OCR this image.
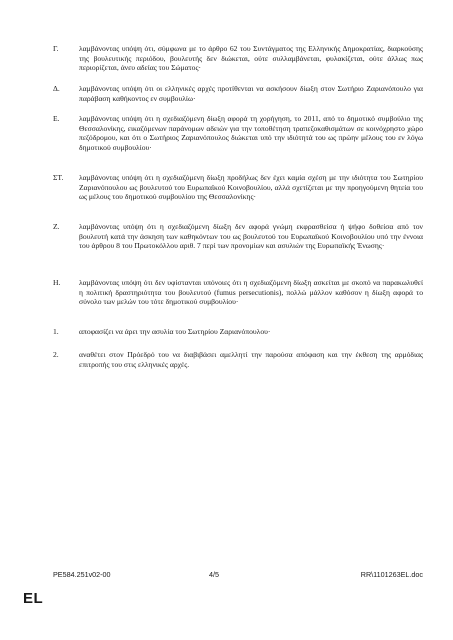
Γ.	λαμβάνοντας υπόψη ότι, σύμφωνα με το άρθρο 62 του Συντάγματος της Ελληνικής Δημοκρατίας, διαρκούσης της βουλευτικής περιόδου, βουλευτής δεν διώκεται, ούτε συλλαμβάνεται, φυλακίζεται, ούτε άλλως πως περιορίζεται, άνευ αδείας του Σώματος·
Δ.	λαμβάνοντας υπόψη ότι οι ελληνικές αρχές προτίθενται να ασκήσουν δίωξη στον Σωτήριο Ζαριανόπουλο για παράβαση καθήκοντος εν συμβουλίω·
Ε.	λαμβάνοντας υπόψη ότι η σχεδιαζόμενη δίωξη αφορά τη χορήγηση, το 2011, από το δημοτικό συμβούλιο της Θεσσαλονίκης, εικαζόμενων παράνομων αδειών για την τοποθέτηση τραπεζοκαθισμάτων σε κοινόχρηστο χώρο πεζόδρομου, και ότι ο Σωτήριος Ζαριανόπουλος διώκεται υπό την ιδιότητά του ως πρώην μέλους του εν λόγω δημοτικού συμβουλίου·
ΣΤ.	λαμβάνοντας υπόψη ότι η σχεδιαζόμενη δίωξη προδήλως δεν έχει καμία σχέση με την ιδιότητα του Σωτηρίου Ζαριανόπουλου ως βουλευτού του Ευρωπαϊκού Κοινοβουλίου, αλλά σχετίζεται με την προηγούμενη θητεία του ως μέλους του δημοτικού συμβουλίου της Θεσσαλονίκης·
Ζ.	λαμβάνοντας υπόψη ότι η σχεδιαζόμενη δίωξη δεν αφορά γνώμη εκφρασθείσα ή ψήφο δοθείσα από τον βουλευτή κατά την άσκηση των καθηκόντων του ως βουλευτού του Ευρωπαϊκού Κοινοβουλίου υπό την έννοια του άρθρου 8 του Πρωτοκόλλου αριθ. 7 περί των προνομίων και ασυλιών της Ευρωπαϊκής Ένωσης·
Η.	λαμβάνοντας υπόψη ότι δεν υφίστανται υπόνοιες ότι η σχεδιαζόμενη δίωξη ασκείται με σκοπό να παρακωλυθεί η πολιτική δραστηριότητα του βουλευτού (fumus persecutionis), πολλώ μάλλον καθόσον η δίωξη αφορά το σύνολο των μελών του τότε δημοτικού συμβουλίου·
1.	αποφασίζει να άρει την ασυλία του Σωτηρίου Ζαριανόπουλου·
2.	αναθέτει στον Πρόεδρό του να διαβιβάσει αμελλητί την παρούσα απόφαση και την έκθεση της αρμόδιας επιτροπής του στις ελληνικές αρχές.
PE584.251v02-00	4/5	RR\1101263EL.doc
EL
